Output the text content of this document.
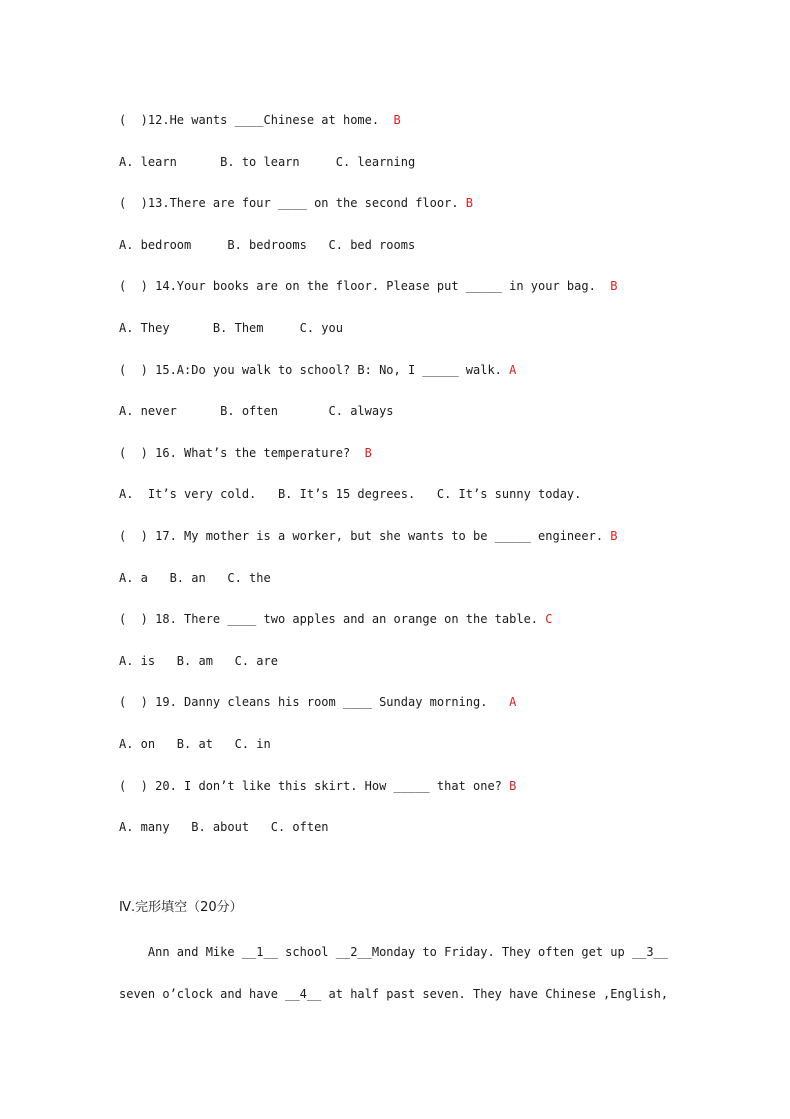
(  )12.He wants ____Chinese at home.  B
A. learn      B. to learn     C. learning
(  )13.There are four ____ on the second floor. B
A. bedroom     B. bedrooms   C. bed rooms
(  ) 14.Your books are on the floor. Please put _____ in your bag.  B
A. They      B. Them     C. you
(  ) 15.A:Do you walk to school? B: No, I _____ walk. A
A. never      B. often       C. always
(  ) 16. What’s the temperature?  B
A.  It’s very cold.   B. It’s 15 degrees.   C. It’s sunny today.
(  ) 17. My mother is a worker, but she wants to be _____ engineer. B
A. a   B. an   C. the
(  ) 18. There ____ two apples and an orange on the table. C
A. is   B. am   C. are
(  ) 19. Danny cleans his room ____ Sunday morning.   A
A. on   B. at   C. in
(  ) 20. I don’t like this skirt. How _____ that one? B
A. many   B. about   C. often
Ⅳ.完形填空（20分）
Ann and Mike __1__ school __2__Monday to Friday. They often get up __3__
seven o’clock and have __4__ at half past seven. They have Chinese ,English,
